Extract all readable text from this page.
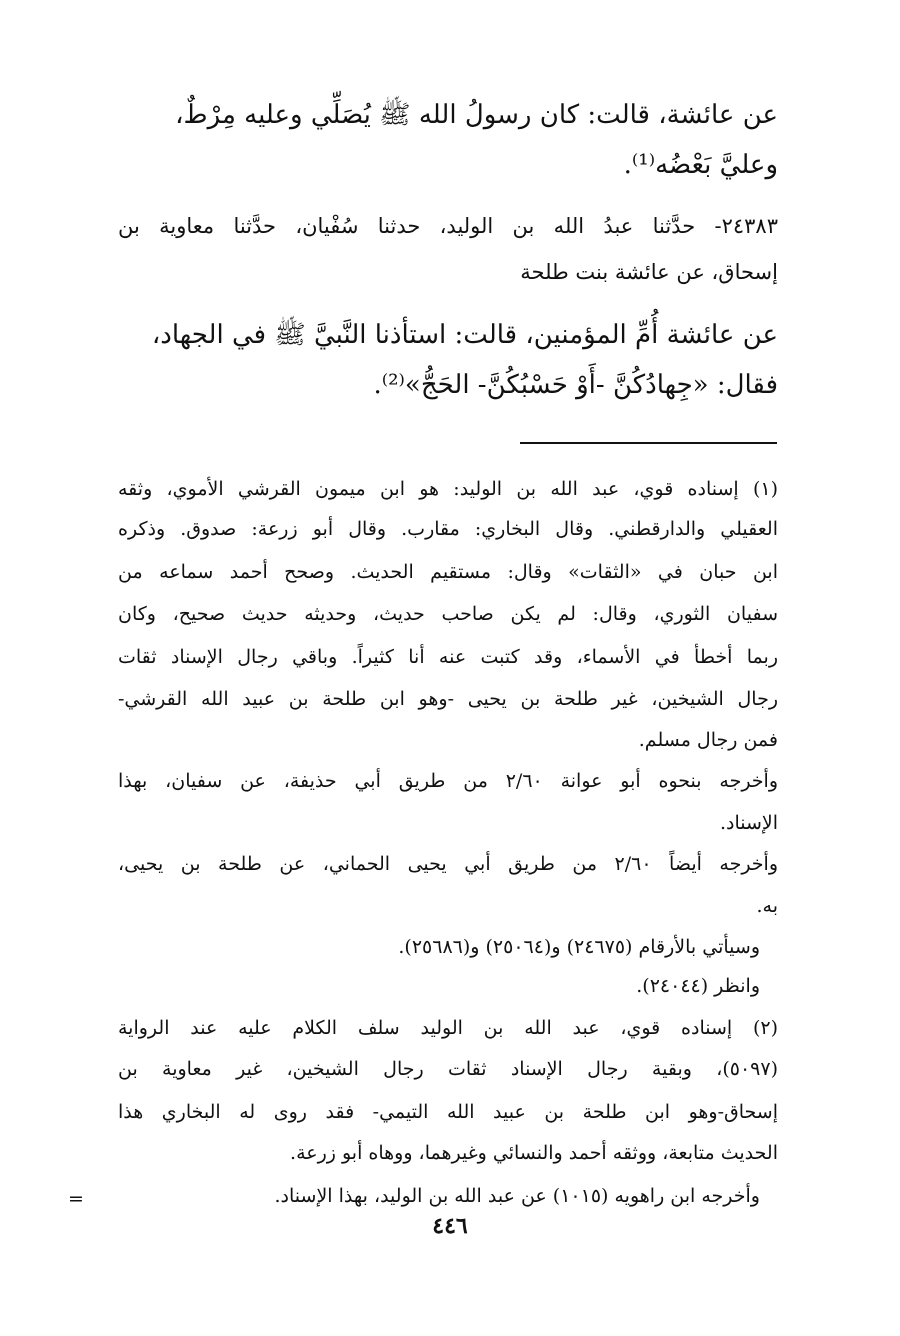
عن عائشة، قالت: كان رسولُ الله ﷺ يُصَلِّي وعليه مِرْطٌ،
وعليَّ بَعْضُه⁽¹⁾.
٢٤٣٨٣- حدَّثنا عبدُ الله بن الوليد، حدثنا سُفْيان، حدَّثنا معاوية بن
إسحاق، عن عائشة بنت طلحة
عن عائشة أُمِّ المؤمنين، قالت: استأذنا النَّبيَّ ﷺ في الجهاد،
فقال: «جِهادُكُنَّ -أَوْ حَسْبُكُنَّ- الحَجُّ»⁽²⁾.
(١) إسناده قوي، عبد الله بن الوليد: هو ابن ميمون القرشي الأموي، وثقه
العقيلي والدارقطني. وقال البخاري: مقارب. وقال أبو زرعة: صدوق. وذكره
ابن حبان في «الثقات» وقال: مستقيم الحديث. وصحح أحمد سماعه من
سفيان الثوري، وقال: لم يكن صاحب حديث، وحديثه حديث صحيح، وكان
ربما أخطأ في الأسماء، وقد كتبت عنه أنا كثيراً. وباقي رجال الإسناد ثقات
رجال الشيخين، غير طلحة بن يحيى -وهو ابن طلحة بن عبيد الله القرشي-
فمن رجال مسلم.
وأخرجه بنحوه أبو عوانة ٢/٦٠ من طريق أبي حذيفة، عن سفيان، بهذا
الإسناد.
وأخرجه أيضاً ٢/٦٠ من طريق أبي يحيى الحماني، عن طلحة بن يحيى،
به.
وسيأتي بالأرقام (٢٤٦٧٥) و(٢٥٠٦٤) و(٢٥٦٨٦).
وانظر (٢٤٠٤٤).
(٢) إسناده قوي، عبد الله بن الوليد سلف الكلام عليه عند الرواية
(٥٠٩٧)، وبقية رجال الإسناد ثقات رجال الشيخين، غير معاوية بن
إسحاق-وهو ابن طلحة بن عبيد الله التيمي- فقد روى له البخاري هذا
الحديث متابعة، ووثقه أحمد والنسائي وغيرهما، ووهاه أبو زرعة.
وأخرجه ابن راهويه (١٠١٥) عن عبد الله بن الوليد، بهذا الإسناد.
=
٤٤٦
